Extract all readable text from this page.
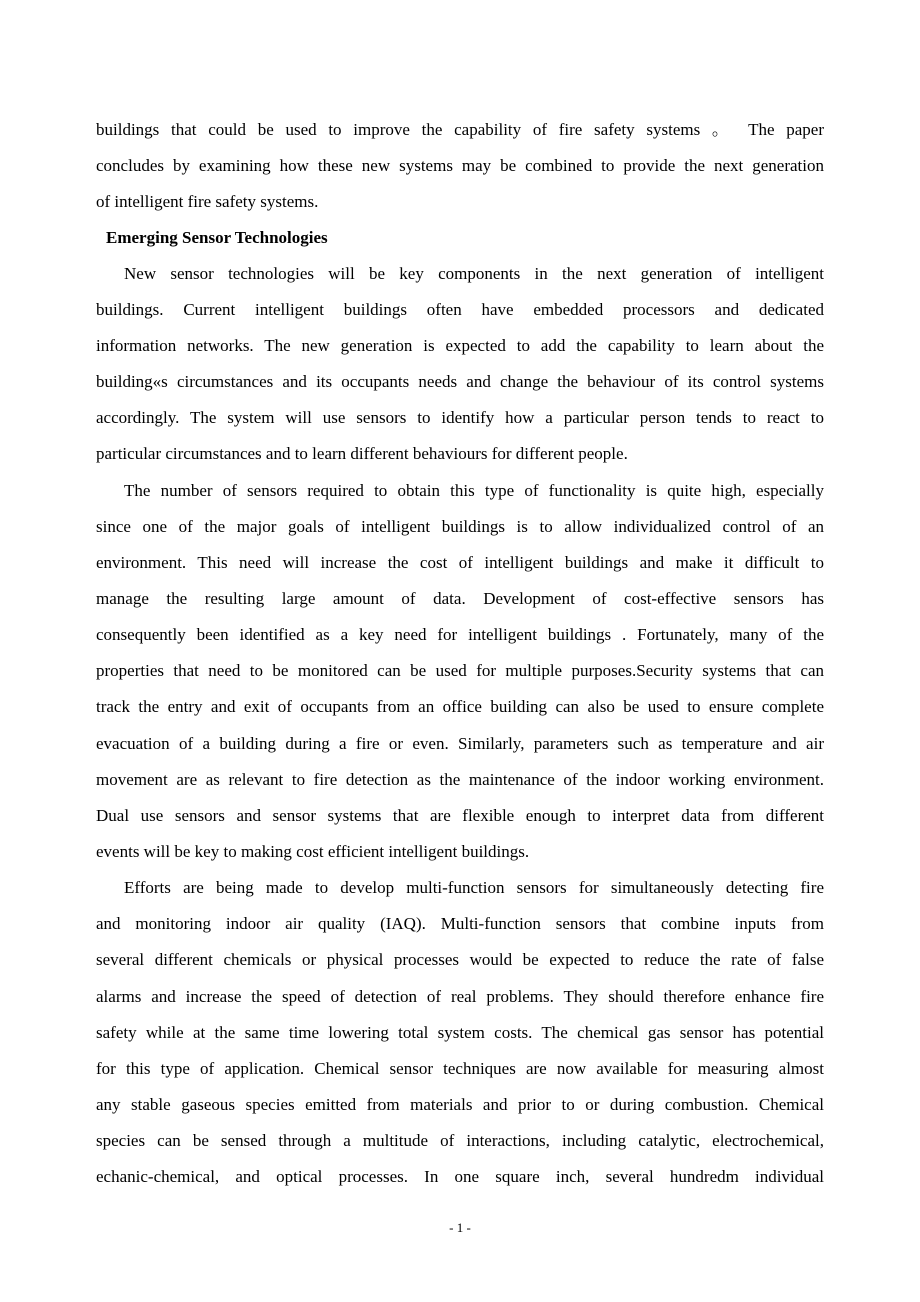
buildings that could be used to improve the capability of fire safety systems 。 The paper
concludes by examining how these new systems may be combined to provide the next generation
of intelligent fire safety systems.
Emerging Sensor Technologies
New sensor technologies will be key components in the next generation of intelligent
buildings. Current intelligent buildings often have embedded processors and dedicated
information networks. The new generation is expected to add the capability to learn about the
building«s circumstances and its occupants needs and change the behaviour of its control systems
accordingly. The system will use sensors to identify how a particular person tends to react to
particular circumstances and to learn different behaviours for different people.
The number of sensors required to obtain this type of functionality is quite high, especially
since one of the major goals of intelligent buildings is to allow individualized control of an
environment. This need will increase the cost of intelligent buildings and make it difficult to
manage the resulting large amount of data. Development of cost-effective sensors has
consequently been identified as a key need for intelligent buildings . Fortunately, many of the
properties that need to be monitored can be used for multiple purposes.Security systems that can
track the entry and exit of occupants from an office building can also be used to ensure complete
evacuation of a building during a fire or even. Similarly, parameters such as temperature and air
movement are as relevant to fire detection as the maintenance of the indoor working environment.
Dual use sensors and sensor systems that are flexible enough to interpret data from different
events will be key to making cost efficient intelligent buildings.
Efforts are being made to develop multi-function sensors for simultaneously detecting fire
and monitoring indoor air quality (IAQ). Multi-function sensors that combine inputs from
several different chemicals or physical processes would be expected to reduce the rate of false
alarms and increase the speed of detection of real problems. They should therefore enhance fire
safety while at the same time lowering total system costs. The chemical gas sensor has potential
for this type of application. Chemical sensor techniques are now available for measuring almost
any stable gaseous species emitted from materials and prior to or during combustion. Chemical
species can be sensed through a multitude of interactions, including catalytic, electrochemical,
echanic-chemical, and optical processes. In one square inch, several hundredm individual
- 1 -
